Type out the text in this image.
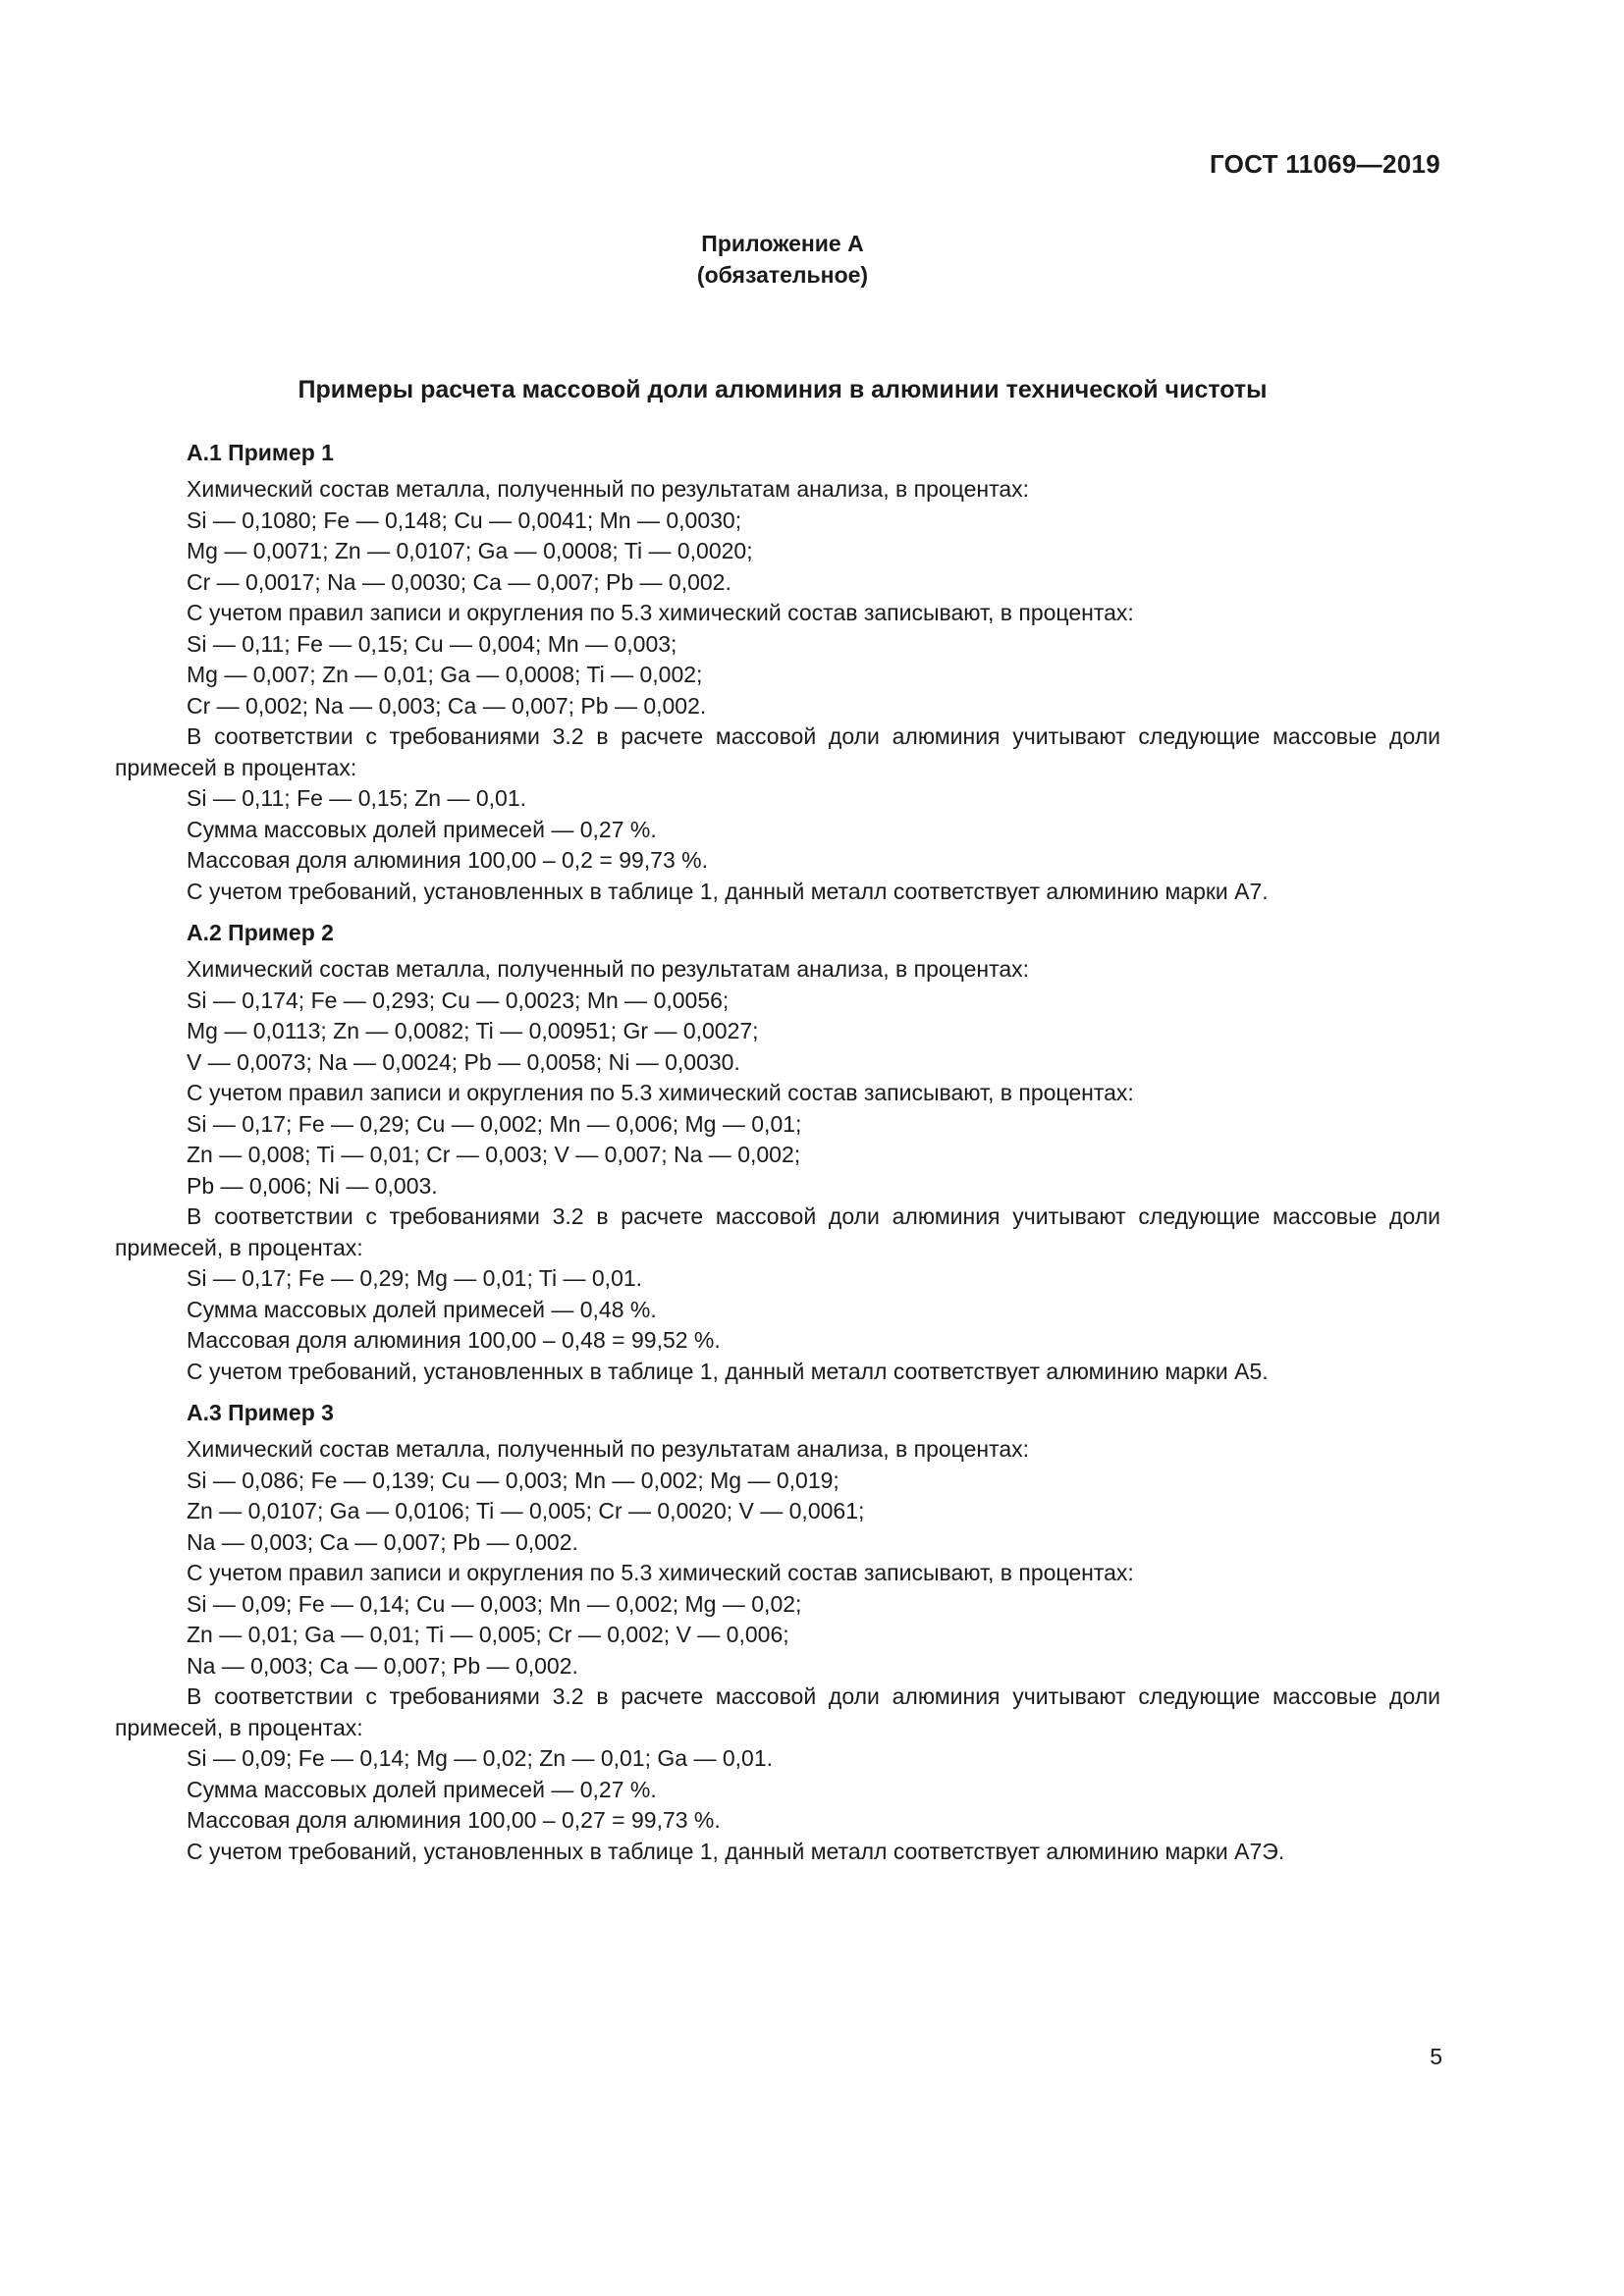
ГОСТ 11069—2019
Приложение А
(обязательное)
Примеры расчета массовой доли алюминия в алюминии технической чистоты
А.1 Пример 1
Химический состав металла, полученный по результатам анализа, в процентах:
Si — 0,1080; Fe — 0,148; Cu — 0,0041; Mn — 0,0030;
Mg — 0,0071; Zn — 0,0107; Ga — 0,0008; Ti — 0,0020;
Cr — 0,0017; Na — 0,0030; Ca — 0,007; Pb — 0,002.
С учетом правил записи и округления по 5.3 химический состав записывают, в процентах:
Si — 0,11; Fe — 0,15; Cu — 0,004; Mn — 0,003;
Mg — 0,007; Zn — 0,01; Ga — 0,0008; Ti — 0,002;
Cr — 0,002; Na — 0,003; Ca — 0,007; Pb — 0,002.
В соответствии с требованиями 3.2 в расчете массовой доли алюминия учитывают следующие массовые доли примесей в процентах:
Si — 0,11; Fe — 0,15; Zn — 0,01.
Сумма массовых долей примесей — 0,27 %.
Массовая доля алюминия 100,00 – 0,2 = 99,73 %.
С учетом требований, установленных в таблице 1, данный металл соответствует алюминию марки А7.
А.2 Пример 2
Химический состав металла, полученный по результатам анализа, в процентах:
Si — 0,174; Fe — 0,293; Cu — 0,0023; Mn — 0,0056;
Mg — 0,0113; Zn — 0,0082; Ti — 0,00951; Gr — 0,0027;
V — 0,0073; Na — 0,0024; Pb — 0,0058; Ni — 0,0030.
С учетом правил записи и округления по 5.3 химический состав записывают, в процентах:
Si — 0,17; Fe — 0,29; Cu — 0,002; Mn — 0,006; Mg — 0,01;
Zn — 0,008; Ti — 0,01; Cr — 0,003; V — 0,007; Na — 0,002;
Pb — 0,006; Ni — 0,003.
В соответствии с требованиями 3.2 в расчете массовой доли алюминия учитывают следующие массовые доли примесей, в процентах:
Si — 0,17; Fe — 0,29; Mg — 0,01; Ti — 0,01.
Сумма массовых долей примесей — 0,48 %.
Массовая доля алюминия 100,00 – 0,48 = 99,52 %.
С учетом требований, установленных в таблице 1, данный металл соответствует алюминию марки А5.
А.3 Пример 3
Химический состав металла, полученный по результатам анализа, в процентах:
Si — 0,086; Fe — 0,139; Cu — 0,003; Mn — 0,002; Mg — 0,019;
Zn — 0,0107; Ga — 0,0106; Ti — 0,005; Cr — 0,0020; V — 0,0061;
Na — 0,003; Ca — 0,007; Pb — 0,002.
С учетом правил записи и округления по 5.3 химический состав записывают, в процентах:
Si — 0,09; Fe — 0,14; Cu — 0,003; Mn — 0,002; Mg — 0,02;
Zn — 0,01; Ga — 0,01; Ti — 0,005; Cr — 0,002; V — 0,006;
Na — 0,003; Ca — 0,007; Pb — 0,002.
В соответствии с требованиями 3.2 в расчете массовой доли алюминия учитывают следующие массовые доли примесей, в процентах:
Si — 0,09; Fe — 0,14; Mg — 0,02; Zn — 0,01; Ga — 0,01.
Сумма массовых долей примесей — 0,27 %.
Массовая доля алюминия 100,00 – 0,27 = 99,73 %.
С учетом требований, установленных в таблице 1, данный металл соответствует алюминию марки А7Э.
5
